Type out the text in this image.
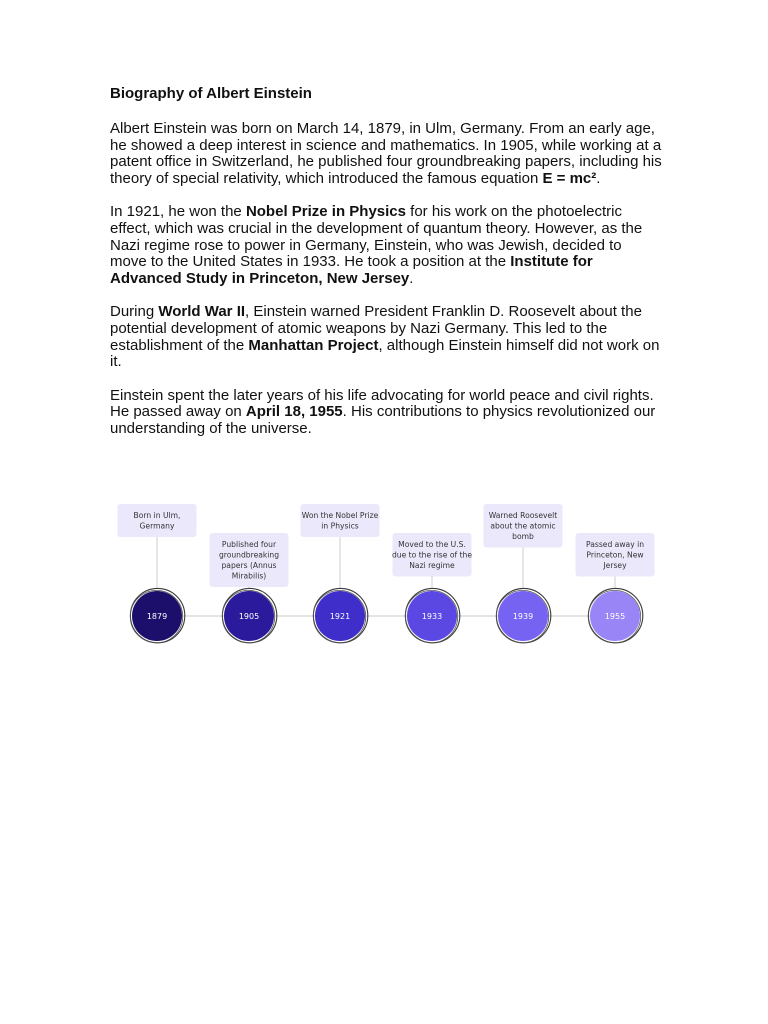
Biography of Albert Einstein

Albert Einstein was born on March 14, 1879, in Ulm, Germany. From an early age, he showed a deep interest in science and mathematics. In 1905, while working at a patent office in Switzerland, he published four groundbreaking papers, including his theory of special relativity, which introduced the famous equation E = mc².

In 1921, he won the Nobel Prize in Physics for his work on the photoelectric effect, which was crucial in the development of quantum theory. However, as the Nazi regime rose to power in Germany, Einstein, who was Jewish, decided to move to the United States in 1933. He took a position at the Institute for Advanced Study in Princeton, New Jersey.

During World War II, Einstein warned President Franklin D. Roosevelt about the potential development of atomic weapons by Nazi Germany. This led to the establishment of the Manhattan Project, although Einstein himself did not work on it.

Einstein spent the later years of his life advocating for world peace and civil rights. He passed away on April 18, 1955. His contributions to physics revolutionized our understanding of the universe.

Born in Ulm, Germany
1879
Published four groundbreaking papers (Annus Mirabilis)
1905
Won the Nobel Prize in Physics
1921
Moved to the U.S. due to the rise of the Nazi regime
1933
Warned Roosevelt about the atomic bomb
1939
Passed away in Princeton, New Jersey
1955
